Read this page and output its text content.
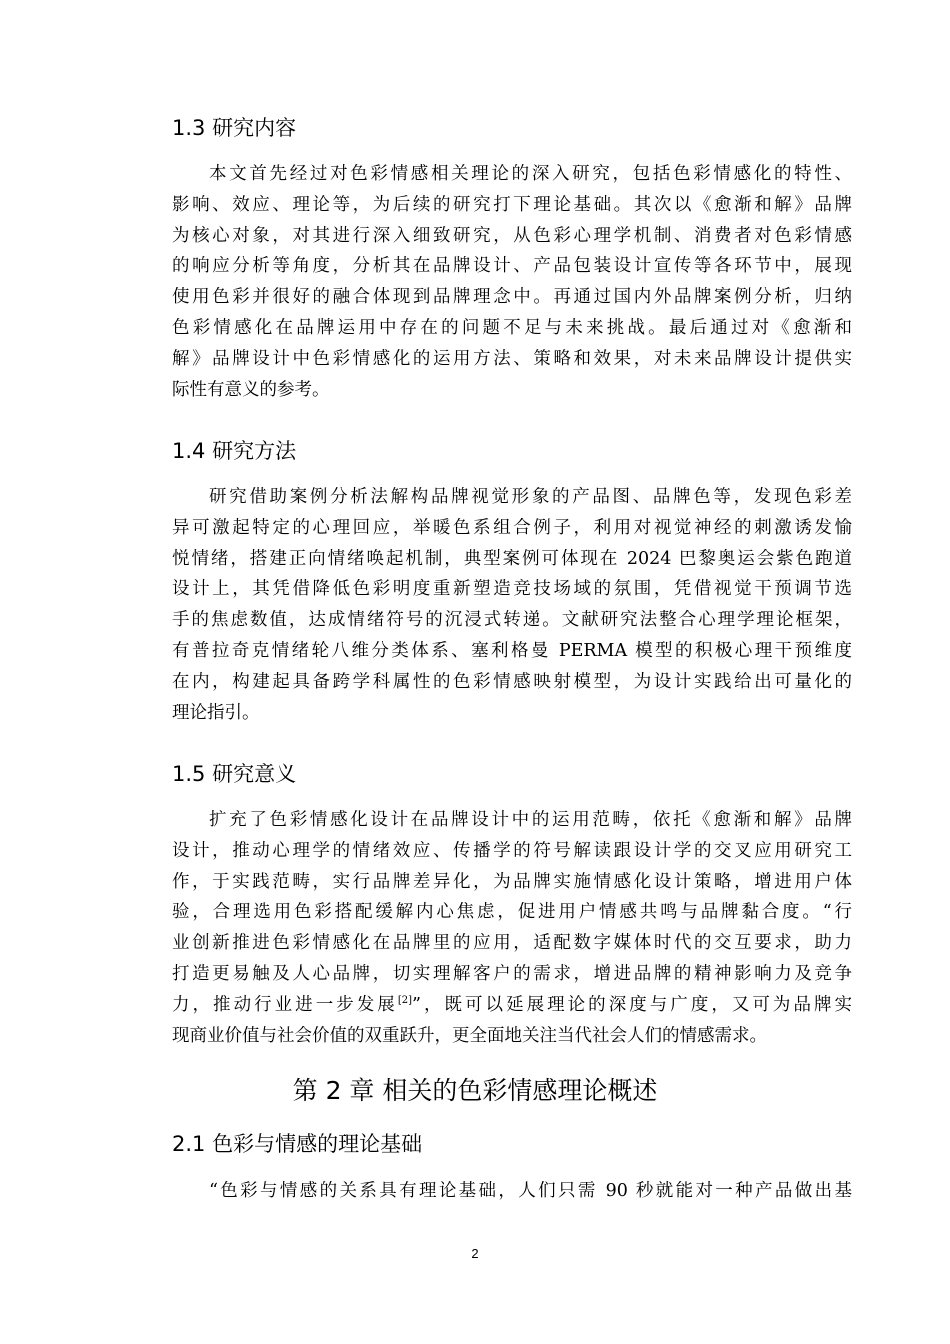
1.3 研究内容
本文首先经过对色彩情感相关理论的深入研究，包括色彩情感化的特性、
影响、效应、理论等，为后续的研究打下理论基础。其次以《愈渐和解》品牌
为核心对象，对其进行深入细致研究，从色彩心理学机制、消费者对色彩情感
的响应分析等角度，分析其在品牌设计、产品包装设计宣传等各环节中，展现
使用色彩并很好的融合体现到品牌理念中。再通过国内外品牌案例分析，归纳
色彩情感化在品牌运用中存在的问题不足与未来挑战。最后通过对《愈渐和
解》品牌设计中色彩情感化的运用方法、策略和效果，对未来品牌设计提供实
际性有意义的参考。
1.4 研究方法
研究借助案例分析法解构品牌视觉形象的产品图、品牌色等，发现色彩差
异可激起特定的心理回应，举暖色系组合例子，利用对视觉神经的刺激诱发愉
悦情绪，搭建正向情绪唤起机制，典型案例可体现在 2024 巴黎奥运会紫色跑道
设计上，其凭借降低色彩明度重新塑造竞技场域的氛围，凭借视觉干预调节选
手的焦虑数值，达成情绪符号的沉浸式转递。文献研究法整合心理学理论框架，
有普拉奇克情绪轮八维分类体系、塞利格曼 PERMA 模型的积极心理干预维度
在内，构建起具备跨学科属性的色彩情感映射模型，为设计实践给出可量化的
理论指引。
1.5 研究意义
扩充了色彩情感化设计在品牌设计中的运用范畴，依托《愈渐和解》品牌
设计，推动心理学的情绪效应、传播学的符号解读跟设计学的交叉应用研究工
作，于实践范畴，实行品牌差异化，为品牌实施情感化设计策略，增进用户体
验，合理选用色彩搭配缓解内心焦虑，促进用户情感共鸣与品牌黏合度。“行
业创新推进色彩情感化在品牌里的应用，适配数字媒体时代的交互要求，助力
打造更易触及人心品牌，切实理解客户的需求，增进品牌的精神影响力及竞争
力，推动行业进一步发展[2]”，既可以延展理论的深度与广度，又可为品牌实
现商业价值与社会价值的双重跃升，更全面地关注当代社会人们的情感需求。
第 2 章 相关的色彩情感理论概述
2.1 色彩与情感的理论基础
“色彩与情感的关系具有理论基础，人们只需 90 秒就能对一种产品做出基
2
